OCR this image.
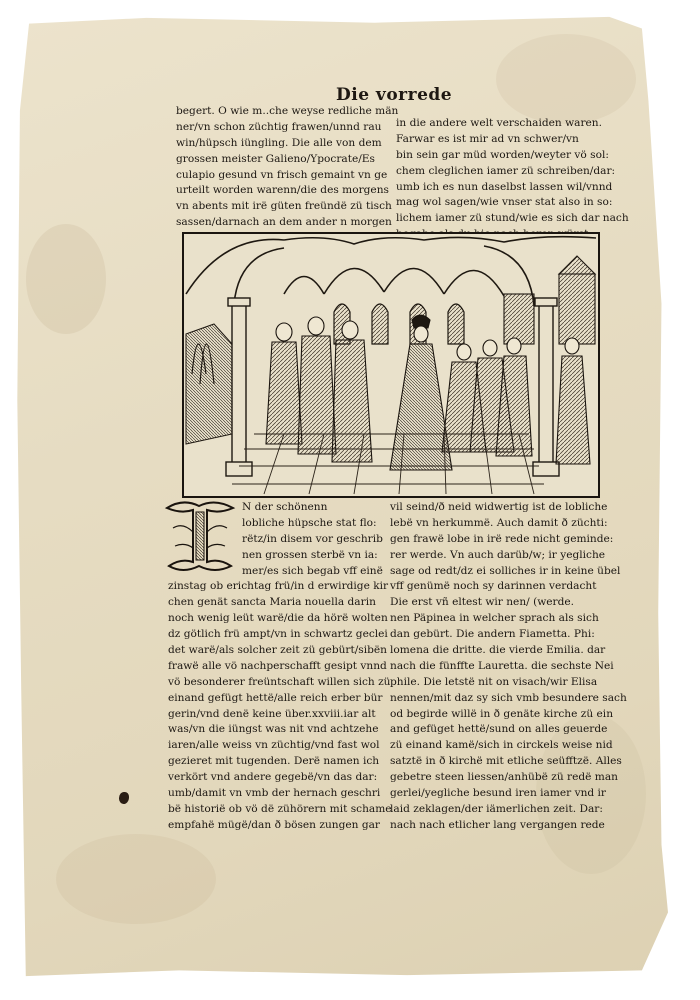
Die vorrede
begert. O wie m..che weyse redliche män
ner/vn schon züchtig frawen/unnd rau
win/hüpsch iüngling. Die alle von dem
grossen meister Galieno/Ypocrate/Es
culapio gesund vn frisch gemaint vn ge
urteilt worden warenn/die des morgens
vn abents mit irë güten freündë zü tisch
sassen/darnach an dem ander n morgen
in die andere welt verschaiden waren.
Farwar es ist mir ad vn schwer/vn
bin sein gar müd worden/weyter vö sol:
chem cleglichen iamer zü schreiben/dar:
umb ich es nun daselbst lassen wil/vnnd
mag wol sagen/wie vnser stat also in so:
lichem iamer zü stund/wie es sich dar nach
N der schönenn
lobliche hüpsche stat flo:
rëtz/in disem vor geschrib
nen grossen sterbë vn ia:
mer/es sich begab vff einë
zinstag ob erichtag frü/in d erwirdige kir
chen genät sancta Maria nouella darin
noch wenig leüt warë/die da hörë wolten
dz götlich frü ampt/vn in schwartz geclei
det warë/als solcher zeit zü gebürt/sibën
frawë alle vö nachperschafft gesipt vnnd
vö besonderer freüntschaft willen sich zü
einand gefügt hettë/alle reich erber bür
gerin/vnd denë keine über.xxviii.iar alt
was/vn die iüngst was nit vnd achtzehe
iaren/alle weiss vn züchtig/vnd fast wol
gezieret mit tugenden. Derë namen ich
verkört vnd andere gegebë/vn das dar:
umb/damit vn vmb der hernach geschri
bë historië ob vö dë zühörern mit schame
empfahë mügë/dan ð bösen zungen gar
vil seind/ð neid widwertig ist de lobliche
lebë vn herkummë. Auch damit ð züchti:
gen frawë lobe in irë rede nicht geminde:
rer werde. Vn auch darüb/w; ir yegliche
sage od redt/dz ei solliches ir in keine übel
vff genümë noch sy darinnen verdacht
Die erst vñ eltest wir nen/ (werde.
nen Päpinea in welcher sprach als sich
dan gebürt. Die andern Fiametta. Phi:
lomena die dritte. die vierde Emilia. dar
nach die fünffte Lauretta. die sechste Nei
phile. Die letstë nit on visach/wir Elisa
nennen/mit daz sy sich vmb besundere sach
od begirde willë in ð genäte kirche zü ein
and gefüget hettë/sund on alles geuerde
zü einand kamë/sich in circkels weise nid
satztë in ð kirchë mit etliche seüfftzë. Alles
gebetre steen liessen/anhübë zü redë man
gerlei/yegliche besund iren iamer vnd ir
laid zeklagen/der iämerlichen zeit. Dar:
nach nach etlicher lang vergangen rede
